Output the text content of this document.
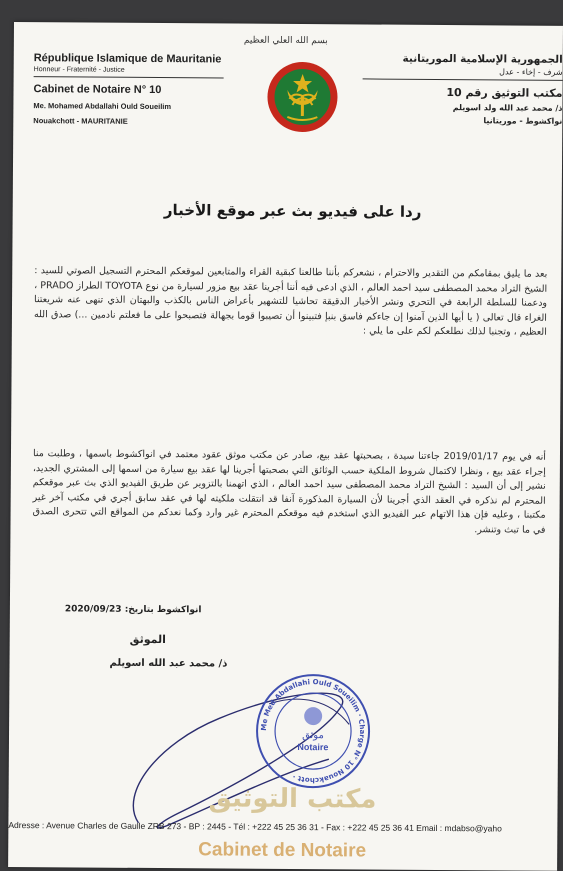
بسم الله العلي العظيم
République Islamique de Mauritanie
Honneur - Fraternité - Justice
Cabinet de Notaire N° 10
Me. Mohamed Abdallahi Ould Soueilim
Nouakchott - MAURITANIE
الجمهورية الإسلامية الموريتانية
شرف - إخاء - عدل
مكتب التوثيق رقم 10
ذ/ محمد عبد الله ولد اسويلم
نواكشوط - موريتانيا
ردا على فيديو بث عبر موقع الأخبار
بعد ما يليق بمقامكم من التقدير والاحترام ، نشعركم بأننا طالعنا كبقية القراء والمتابعين لموقعكم المحترم التسجيل الصوتي للسيد : الشيخ التراد محمد المصطفى سيد احمد العالم ، الذي ادعى فيه أننا أجرينا عقد بيع مزور لسيارة من نوع TOYOTA الطراز PRADO ، ودعمنا للسلطة الرابعة في التحري ونشر الأخبار الدقيقة تحاشيا للتشهير بأعراض الناس بالكذب والبهتان الذي تنهى عنه شريعتنا الغراء قال تعالى ( يا أيها الذين آمنوا إن جاءكم فاسق بنبإ فتبينوا أن تصيبوا قوما بجهالة فتصبحوا على ما فعلتم نادمين ...) صدق الله العظيم ، وتجنبا لذلك نطلعكم لكم على ما يلي :
أنه في يوم 2019/01/17 جاءتنا سيدة ، بصحبتها عقد بيع، صادر عن مكتب موثق عقود معتمد في انواكشوط باسمها ، وطلبت منا إجراء عقد بيع ، ونظرا لاكتمال شروط الملكية حسب الوثائق التي بصحبتها أجرينا لها عقد بيع سيارة من اسمها إلى المشتري الجديد، نشير إلى أن السيد : الشيخ التراد محمد المصطفى سيد احمد العالم ، الذي اتهمنا بالتزوير عن طريق الفيديو الذي بث عبر موقعكم المحترم لم نذكره في العقد الذي أجرينا لأن السيارة المذكورة آنفا قد انتقلت ملكيته لها في عقد سابق أجري في مكتب آخر غير مكتبنا ، وعليه فإن هذا الاتهام عبر الفيديو الذي استخدم فيه موقعكم المحترم غير وارد وكما نعدكم من المواقع التي تتحرى الصدق في ما تبث وتنشر.
انواكشوط بتاريخ: 2020/09/23
الموثق
ذ/ محمد عبد الله اسويلم
Me Med Abdallahi Ould Soueilim · Charge N° 10 Nouakchott ·
موثق
Notaire
مكتب التوثيق
Adresse : Avenue Charles de Gaulle ZRB 273 - BP : 2445 - Tél : +222 45 25 36 31 - Fax : +222 45 25 36 41 Email : mdabso@yaho
Cabinet de Notaire
